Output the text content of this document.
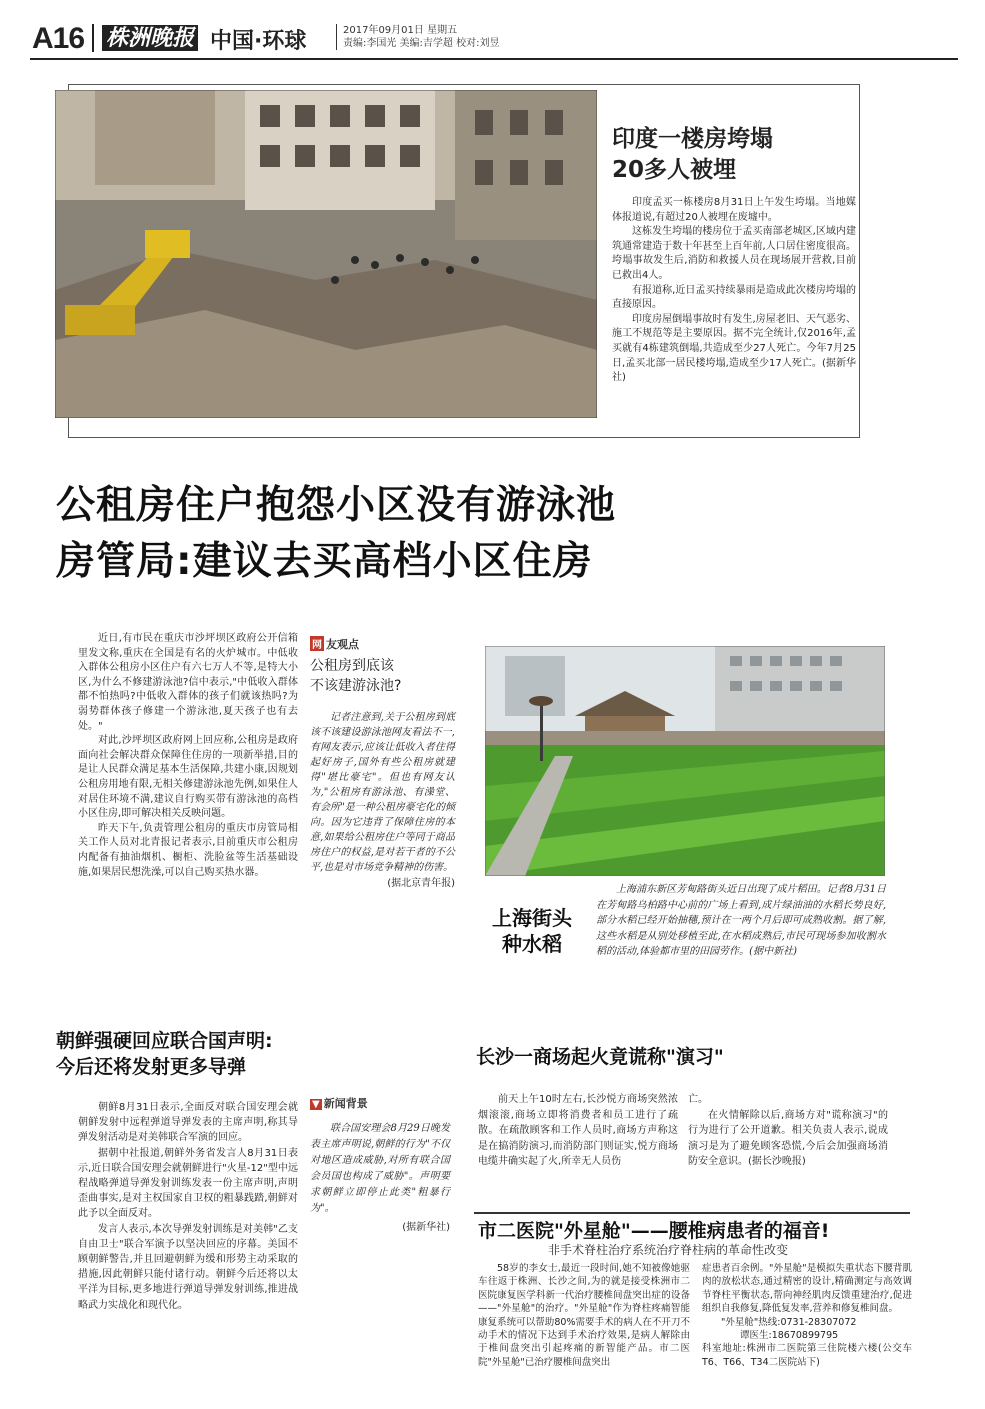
A16 株洲晚报 中国·环球	2017年09月01日 星期五
责编:李国光 美编:吉学超 校对:刘昱
印度一楼房垮塌
20多人被埋

印度孟买一栋楼房8月31日上午发生垮塌。当地媒体报道说,有超过20人被埋在废墟中。

这栋发生垮塌的楼房位于孟买南部老城区,区域内建筑通常建造于数十年甚至上百年前,人口居住密度很高。垮塌事故发生后,消防和救援人员在现场展开营救,目前已救出4人。

有报道称,近日孟买持续暴雨是造成此次楼房垮塌的直接原因。

印度房屋倒塌事故时有发生,房屋老旧、天气恶劣、施工不规范等是主要原因。据不完全统计,仅2016年,孟买就有4栋建筑倒塌,共造成至少27人死亡。今年7月25日,孟买北部一居民楼垮塌,造成至少17人死亡。(据新华社)

公租房住户抱怨小区没有游泳池
房管局:建议去买高档小区住房

近日,有市民在重庆市沙坪坝区政府公开信箱里发文称,重庆在全国是有名的火炉城市。中低收入群体公租房小区住户有六七万人不等,是特大小区,为什么不修建游泳池?信中表示,"中低收入群体都不怕热吗?中低收入群体的孩子们就该热吗?为弱势群体孩子修建一个游泳池,夏天孩子也有去处。"

对此,沙坪坝区政府网上回应称,公租房是政府面向社会解决群众保障住住房的一项新举措,目的是让人民群众满足基本生活保障,共建小康,因规划公租房用地有限,无相关修建游泳池先例,如果住人对居住环境不满,建议自行购买带有游泳池的高档小区住房,即可解决相关反映问题。

昨天下午,负责管理公租房的重庆市房管局相关工作人员对北青报记者表示,目前重庆市公租房内配备有抽油烟机、橱柜、洗脸盆等生活基础设施,如果居民想洗澡,可以自己购买热水器。

网 友观点
公租房到底该
不该建游泳池?

记者注意到,关于公租房到底该不该建设游泳池网友看法不一,有网友表示,应该让低收入者住得起好房子,国外有些公租房就建得"堪比豪宅"。但也有网友认为,"公租房有游泳池、有澡堂、有会所"是一种公租房豪宅化的倾向。因为它违背了保障住房的本意,如果给公租房住户等同于商品房住户的权益,是对若干者的不公平,也是对市场竞争精神的伤害。

(据北京青年报)
上海街头
种水稻

上海浦东新区芳甸路街头近日出现了成片稻田。记者8月31日在芳甸路乌柏路中心前的广场上看到,成片绿油油的水稻长势良好,部分水稻已经开始抽穗,预计在一两个月后即可成熟收割。据了解,这些水稻是从别处移植至此,在水稻成熟后,市民可现场参加收割水稻的活动,体验都市里的田园劳作。(据中新社)

朝鲜强硬回应联合国声明:
今后还将发射更多导弹

朝鲜8月31日表示,全面反对联合国安理会就朝鲜发射中远程弹道导弹发表的主席声明,称其导弹发射活动是对美韩联合军演的回应。

据朝中社报道,朝鲜外务省发言人8月31日表示,近日联合国安理会就朝鲜进行"火星-12"型中远程战略弹道导弹发射训练发表一份主席声明,声明歪曲事实,是对主权国家自卫权的粗暴践踏,朝鲜对此予以全面反对。

发言人表示,本次导弹发射训练是对美韩"乙支自由卫士"联合军演予以坚决回应的序幕。美国不顾朝鲜警告,并且回避朝鲜为缓和形势主动采取的措施,因此朝鲜只能付诸行动。朝鲜今后还将以太平洋为目标,更多地进行弹道导弹发射训练,推进战略武力实战化和现代化。

▼ 新闻背景

联合国安理会8月29日晚发表主席声明说,朝鲜的行为"不仅对地区造成威胁,对所有联合国会员国也构成了威胁"。声明要求朝鲜立即停止此类"粗暴行为"。

(据新华社)
长沙一商场起火竟谎称"演习"

前天上午10时左右,长沙悦方商场突然浓烟滚滚,商场立即将消费者和员工进行了疏散。在疏散顾客和工作人员时,商场方声称这是在搞消防演习,而消防部门则证实,悦方商场电缆井确实起了火,所幸无人员伤

亡。

在火情解除以后,商场方对"谎称演习"的行为进行了公开道歉。相关负责人表示,说成演习是为了避免顾客恐慌,今后会加强商场消防安全意识。(据长沙晚报)

市二医院"外星舱"——腰椎病患者的福音!
非手术脊柱治疗系统治疗脊柱病的革命性改变

58岁的李女士,最近一段时间,她不知被像她驱车往返于株洲、长沙之间,为的就是接受株洲市二医院康复医学科新一代治疗腰椎间盘突出症的设备——"外星舱"的治疗。"外星舱"作为脊柱疼痛智能康复系统可以帮助80%需要手术的病人在不开刀不动手术的情况下达到手术治疗效果,是病人解除由于椎间盘突出引起疼痛的新智能产品。市二医院"外星舱"已治疗腰椎间盘突出

症患者百余例。"外星舱"是模拟失重状态下腰背肌肉的放松状态,通过精密的设计,精确测定与高效调节脊柱平衡状态,帮向神经肌肉反馈重建治疗,促进组织自我修复,降低复发率,营养和修复椎间盘。
"外星舱"热线:0731-28307072
谭医生:18670899795
科室地址:株洲市二医院第三住院楼六楼(公交车T6、T66、T34二医院站下)
